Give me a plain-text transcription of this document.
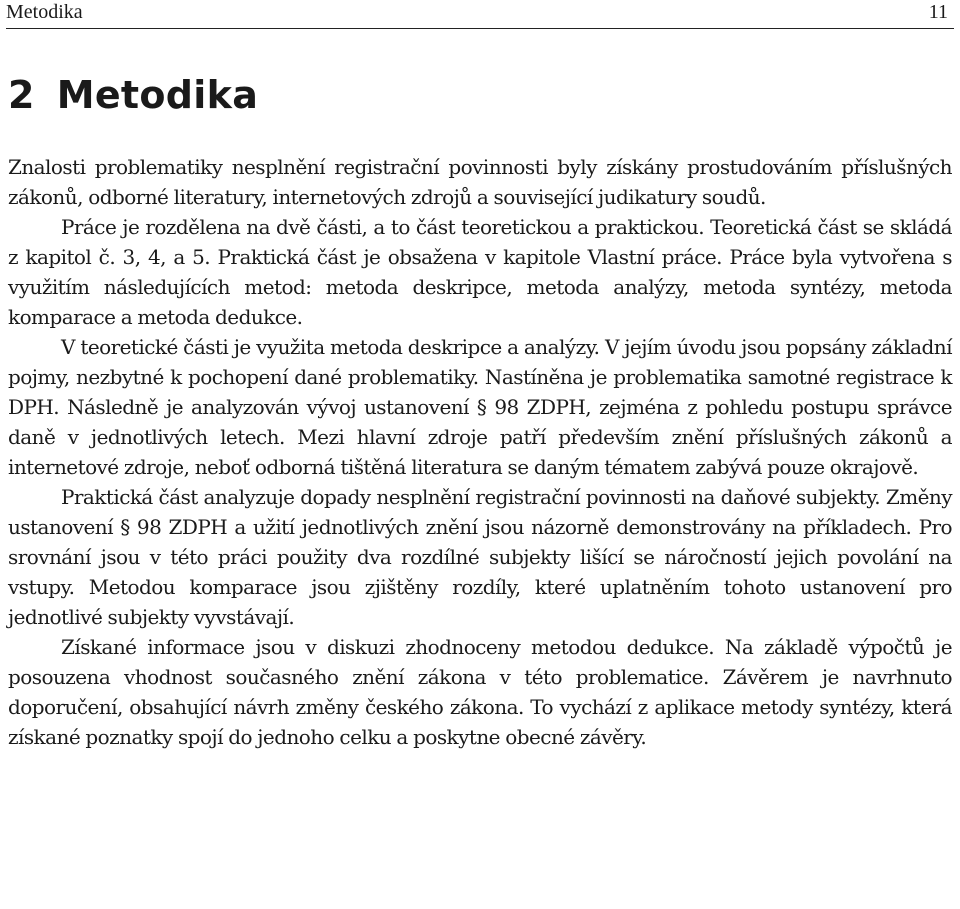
Metodika	11
2 Metodika

Znalosti problematiky nesplnění registrační povinnosti byly získány prostudováním příslušných zákonů, odborné literatury, internetových zdrojů a související judikatury soudů.

Práce je rozdělena na dvě části, a to část teoretickou a praktickou. Teoretická část se skládá z kapitol č. 3, 4, a 5. Praktická část je obsažena v kapitole Vlastní práce. Práce byla vytvořena s využitím následujících metod: metoda deskripce, metoda analýzy, metoda syntézy, metoda komparace a metoda dedukce.

V teoretické části je využita metoda deskripce a analýzy. V jejím úvodu jsou popsány základní pojmy, nezbytné k pochopení dané problematiky. Nastíněna je problematika samotné registrace k DPH. Následně je analyzován vývoj ustanovení § 98 ZDPH, zejména z pohledu postupu správce daně v jednotlivých letech. Mezi hlavní zdroje patří především znění příslušných zákonů a internetové zdroje, neboť odborná tištěná literatura se daným tématem zabývá pouze okrajově.

Praktická část analyzuje dopady nesplnění registrační povinnosti na daňové subjekty. Změny ustanovení § 98 ZDPH a užití jednotlivých znění jsou názorně demonstrovány na příkladech. Pro srovnání jsou v této práci použity dva rozdílné subjekty lišící se náročností jejich povolání na vstupy. Metodou komparace jsou zjištěny rozdíly, které uplatněním tohoto ustanovení pro jednotlivé subjekty vyvstávají.

Získané informace jsou v diskuzi zhodnoceny metodou dedukce. Na základě výpočtů je posouzena vhodnost současného znění zákona v této problematice. Závěrem je navrhnuto doporučení, obsahující návrh změny českého zákona. To vychází z aplikace metody syntézy, která získané poznatky spojí do jednoho celku a poskytne obecné závěry.
